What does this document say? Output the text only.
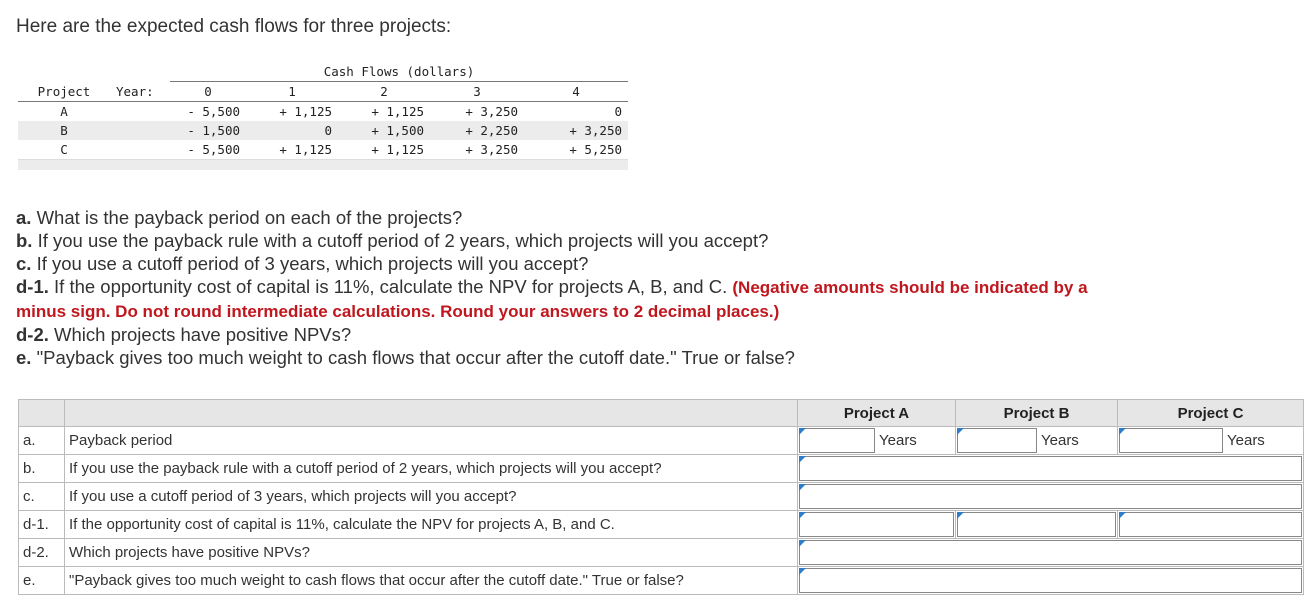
Here are the expected cash flows for three projects:
		Cash Flows (dollars)				
Project	Year:	0	1	2	3	4
A		- 5,500	+ 1,125	+ 1,125	+ 3,250	0
B		- 1,500	0	+ 1,500	+ 2,250	+ 3,250
C		- 5,500	+ 1,125	+ 1,125	+ 3,250	+ 5,250

a. What is the payback period on each of the projects?
b. If you use the payback rule with a cutoff period of 2 years, which projects will you accept?
c. If you use a cutoff period of 3 years, which projects will you accept?
d-1. If the opportunity cost of capital is 11%, calculate the NPV for projects A, B, and C. (Negative amounts should be indicated by a
minus sign. Do not round intermediate calculations. Round your answers to 2 decimal places.)
d-2. Which projects have positive NPVs?
e. "Payback gives too much weight to cash flows that occur after the cutoff date." True or false?
		Project A	Project B	Project C
a.	Payback period	Years	Years	Years

b.	If you use the payback rule with a cutoff period of 2 years, which projects will you accept?			

c.	If you use a cutoff period of 3 years, which projects will you accept?			

d-1.	If the opportunity cost of capital is 11%, calculate the NPV for projects A, B, and C.	

d-2.	Which projects have positive NPVs?			

e.	"Payback gives too much weight to cash flows that occur after the cutoff date." True or false?			
